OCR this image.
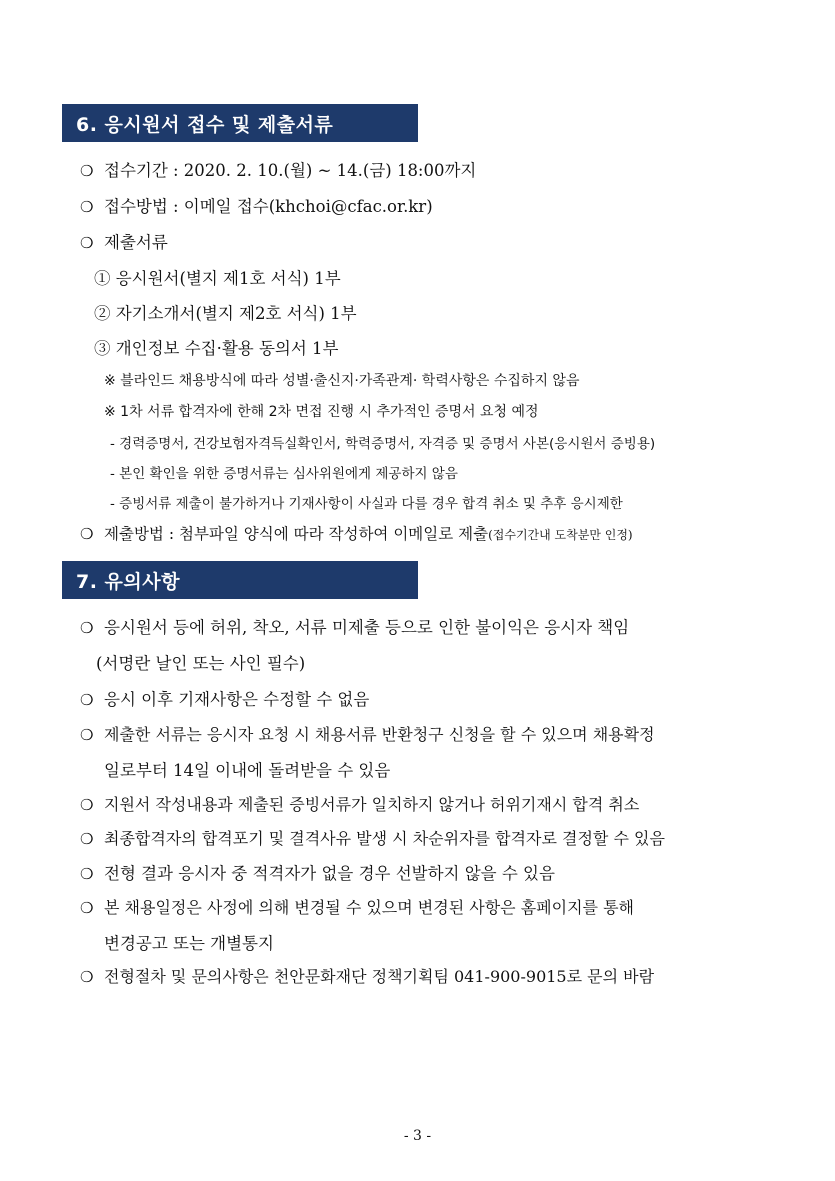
6. 응시원서 접수 및 제출서류
❍ 접수기간 : 2020. 2. 10.(월) ~ 14.(금) 18:00까지
❍ 접수방법 : 이메일 접수(khchoi@cfac.or.kr)
❍ 제출서류
① 응시원서(별지 제1호 서식) 1부
② 자기소개서(별지 제2호 서식) 1부
③ 개인정보 수집·활용 동의서 1부
※ 블라인드 채용방식에 따라 성별·출신지·가족관계· 학력사항은 수집하지 않음
※ 1차 서류 합격자에 한해 2차 면접 진행 시 추가적인 증명서 요청 예정
- 경력증명서, 건강보험자격득실확인서, 학력증명서, 자격증 및 증명서 사본(응시원서 증빙용)
- 본인 확인을 위한 증명서류는 심사위원에게 제공하지 않음
- 증빙서류 제출이 불가하거나 기재사항이 사실과 다를 경우 합격 취소 및 추후 응시제한
❍ 제출방법 : 첨부파일 양식에 따라 작성하여 이메일로 제출(접수기간내 도착분만 인정)
7. 유의사항
❍ 응시원서 등에 허위, 착오, 서류 미제출 등으로 인한 불이익은 응시자 책임
(서명란 날인 또는 사인 필수)
❍ 응시 이후 기재사항은 수정할 수 없음
❍ 제출한 서류는 응시자 요청 시 채용서류 반환청구 신청을 할 수 있으며 채용확정
일로부터 14일 이내에 돌려받을 수 있음
❍ 지원서 작성내용과 제출된 증빙서류가 일치하지 않거나 허위기재시 합격 취소
❍ 최종합격자의 합격포기 및 결격사유 발생 시 차순위자를 합격자로 결정할 수 있음
❍ 전형 결과 응시자 중 적격자가 없을 경우 선발하지 않을 수 있음
❍ 본 채용일정은 사정에 의해 변경될 수 있으며 변경된 사항은 홈페이지를 통해
변경공고 또는 개별통지
❍ 전형절차 및 문의사항은 천안문화재단 정책기획팀 041-900-9015로 문의 바람
- 3 -
